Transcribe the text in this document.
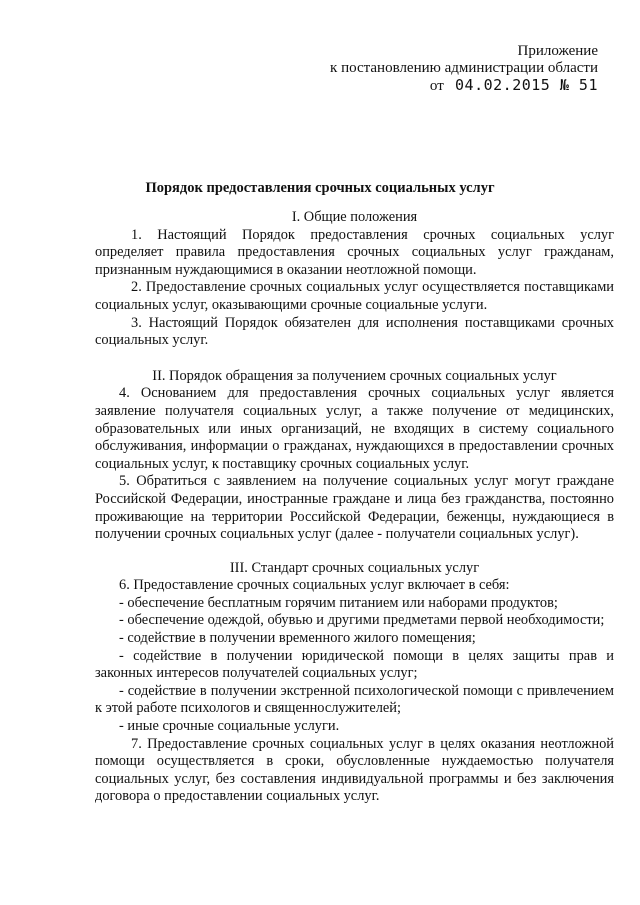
Приложение
к постановлению администрации области
от 04.02.2015 № 51
Порядок предоставления срочных социальных услуг

I. Общие положения

1. Настоящий Порядок предоставления срочных социальных услуг определяет правила предоставления срочных социальных услуг гражданам, признанным нуждающимися в оказании неотложной помощи.

2. Предоставление срочных социальных услуг осуществляется поставщиками социальных услуг, оказывающими срочные социальные услуги.

3. Настоящий Порядок обязателен для исполнения поставщиками срочных социальных услуг.

II. Порядок обращения за получением срочных социальных услуг

4. Основанием для предоставления срочных социальных услуг является заявление получателя социальных услуг, а также получение от медицинских, образовательных или иных организаций, не входящих в систему социального обслуживания, информации о гражданах, нуждающихся в предоставлении срочных социальных услуг, к поставщику срочных социальных услуг.

5. Обратиться с заявлением на получение социальных услуг могут граждане Российской Федерации, иностранные граждане и лица без гражданства, постоянно проживающие на территории Российской Федерации, беженцы, нуждающиеся в получении срочных социальных услуг (далее - получатели социальных услуг).

III. Стандарт срочных социальных услуг

6. Предоставление срочных социальных услуг включает в себя:

- обеспечение бесплатным горячим питанием или наборами продуктов;

- обеспечение одеждой, обувью и другими предметами первой необходимости;

- содействие в получении временного жилого помещения;

- содействие в получении юридической помощи в целях защиты прав и законных интересов получателей социальных услуг;

- содействие в получении экстренной психологической помощи с привлечением к этой работе психологов и священнослужителей;

- иные срочные социальные услуги.

7. Предоставление срочных социальных услуг в целях оказания неотложной помощи осуществляется в сроки, обусловленные нуждаемостью получателя социальных услуг, без составления индивидуальной программы и без заключения договора о предоставлении социальных услуг.
